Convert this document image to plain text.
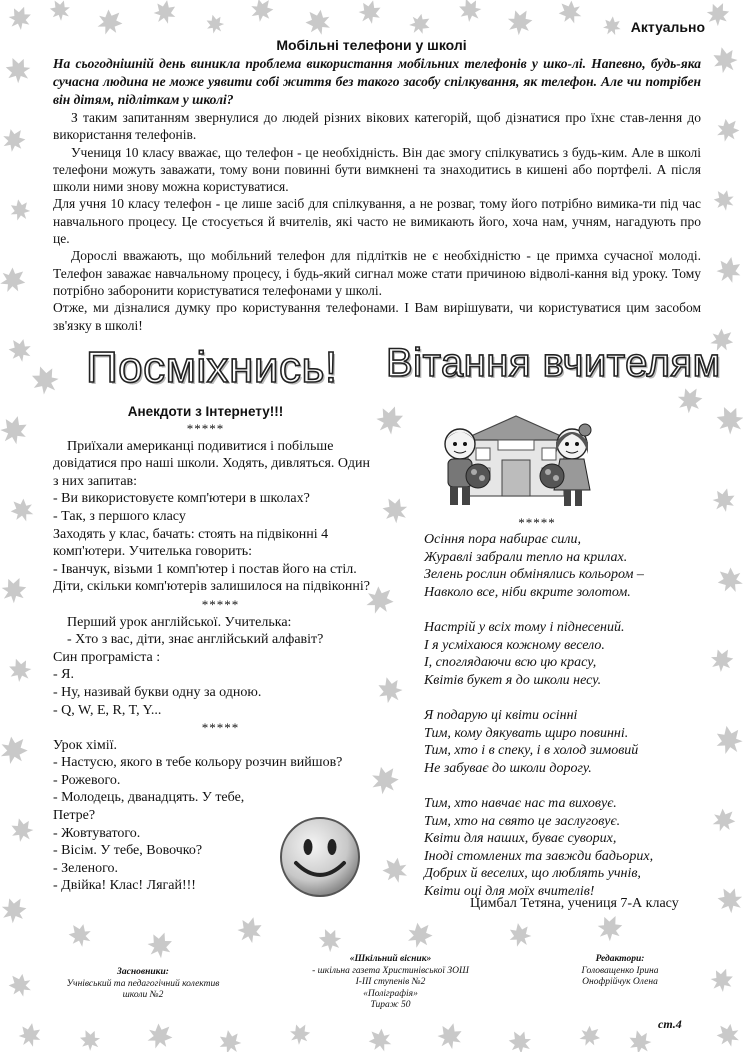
Актуально
Мобільні телефони у школі

На сьогоднішній день виникла проблема використання мобільних телефонів у шко-лі. Напевно, будь-яка сучасна людина не може уявити собі життя без такого засобу спілкування, як телефон. Але чи потрібен він дітям, підліткам у школі?

З таким запитанням звернулися до людей різних вікових категорій, щоб дізнатися про їхнє став-лення до використання телефонів.

Учениця 10 класу вважає, що телефон - це необхідність. Він дає змогу спілкуватись з будь-ким. Але в школі телефони можуть заважати, тому вони повинні бути вимкнені та знаходитись в кишені або портфелі. А після школи ними знову можна користуватися.

Для учня 10 класу телефон - це лише засіб для спілкування, а не розваг, тому його потрібно вимика-ти під час навчального процесу. Це стосується й вчителів, які часто не вимикають його, хоча нам, учням, нагадують про це.

Дорослі вважають, що мобільний телефон для підлітків не є необхідністю - це примха сучасної молоді. Телефон заважає навчальному процесу, і будь-який сигнал може стати причиною відволі-кання від уроку. Тому потрібно заборонити користуватися телефонами у школі.

Отже, ми дізналися думку про користування телефонами. І Вам вирішувати, чи користуватися цим засобом зв'язку в школі!

Посміхнись! Вітання вчителям
Анекдоти з Інтернету!!!
*****

Приїхали американці подивитися і побільше довідатися про наші школи. Ходять, дивляться. Один з них запитав:

- Ви використовуєте комп'ютери в школах?

- Так, з першого класу

Заходять у клас, бачать: стоять на підвіконні 4 комп'ютери. Учителька говорить:

- Іванчук, візьми 1 комп'ютер і постав його на стіл. Діти, скільки комп'ютерів залишилося на підвіконні?

*****

Перший урок англійської. Учителька:

- Хто з вас, діти, знає англійський алфавіт?

Син програміста :

- Я.

- Ну, називай букви одну за одною.

- Q, W, E, R, T, Y...

*****

Урок хімії.

- Настусю, якого в тебе кольору розчин вийшов?

- Рожевого.

- Молодець, дванадцять. У тебе,

Петре?

- Жовтуватого.

- Вісім. У тебе, Вовочко?

- Зеленого.

- Двійка! Клас! Лягай!!!

*****
Осіння пора набирає сили,
Журавлі забрали тепло на крилах.
Зелень рослин обмінялись кольором –
Навколо все, ніби вкрите золотом.
Настрій у всіх тому і піднесений.
І я усміхаюся кожному весело.
І, споглядаючи всю цю красу,
Квітів букет я до школи несу.
Я подарую ці квіти осінні
Тим, кому дякувать щиро повинні.
Тим, хто і в спеку, і в холод зимовий
Не забуває до школи дорогу.
Тим, хто навчає нас та виховує.
Тим, хто на свято це заслуговує.
Квіти для наших, буває суворих,
Іноді стомлених та завжди бадьорих,
Добрих й веселих, що люблять учнів,
Квіти оці для моїх вчителів!
Цимбал Тетяна, учениця 7-А класу
Засновники:
Учнівський та педагогічний колектив школи №2
«Шкільний вісник»
- шкільна газета Христинівської ЗОШ
І-ІІІ ступенів №2
«Поліграфія»
Тираж 50
Редактори:
Головащенко Ірина
Онофрійчук Олена
ст.4
